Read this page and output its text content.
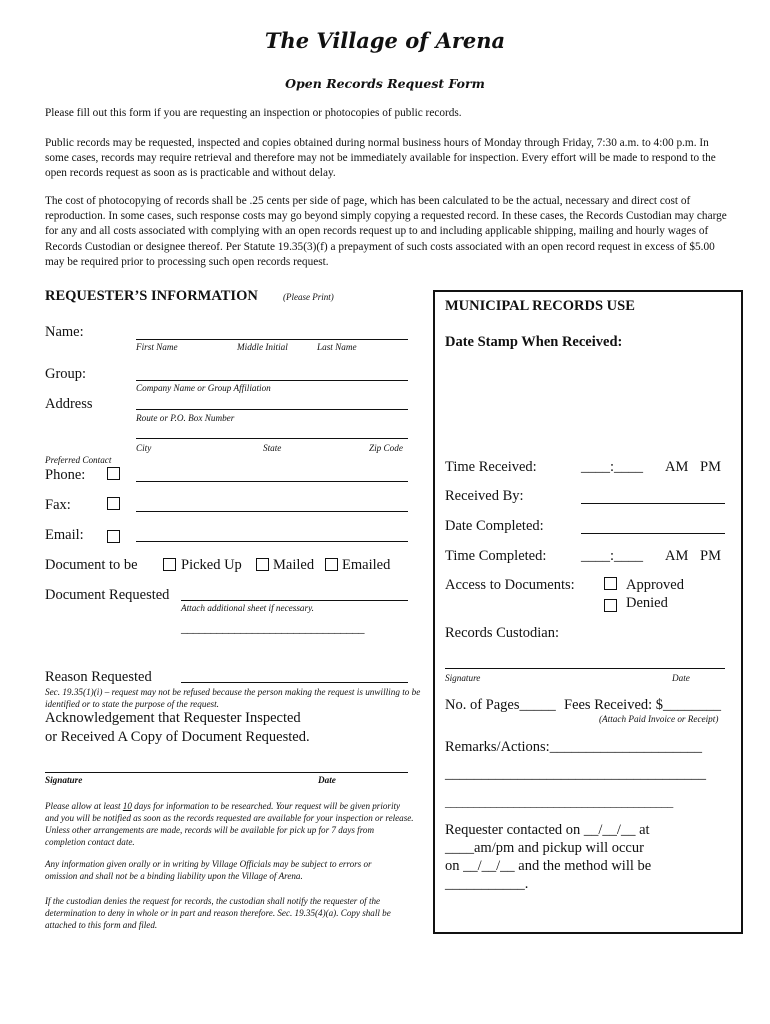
The Village of Arena
Open Records Request Form
Please fill out this form if you are requesting an inspection or photocopies of public records.
Public records may be requested, inspected and copies obtained during normal business hours of Monday through Friday, 7:30 a.m. to 4:00 p.m. In some cases, records may require retrieval and therefore may not be immediately available for inspection. Every effort will be made to respond to the open records request as soon as is practicable and without delay.
The cost of photocopying of records shall be .25 cents per side of page, which has been calculated to be the actual, necessary and direct cost of reproduction. In some cases, such response costs may go beyond simply copying a requested record. In these cases, the Records Custodian may charge for any and all costs associated with complying with an open records request up to and including applicable shipping, mailing and hourly wages of Records Custodian or designee thereof. Per Statute 19.35(3)(f) a prepayment of such costs associated with an open record request in excess of $5.00 may be required prior to processing such open records request.
REQUESTER’S INFORMATION	(Please Print)
Name:
First Name	Middle Initial	Last Name
Group:
Company Name or Group Affiliation
Address
Route or P.O. Box Number
City	State	Zip Code
Preferred Contact
Phone:
Fax:
Email:
Document to be	Picked Up Mailed Emailed
Document Requested
Attach additional sheet if necessary.
_______________________________
Reason Requested
Sec. 19.35(1)(i) – request may not be refused because the person making the request is unwilling to be identified or to state the purpose of the request.
Acknowledgement that Requester Inspected
or Received A Copy of Document Requested.
Signature	Date
Please allow at least 10 days for information to be researched. Your request will be given priority and you will be notified as soon as the records requested are available for your inspection or release. Unless other arrangements are made, records will be available for pick up for 7 days from completion contact date.
Any information given orally or in writing by Village Officials may be subject to errors or omission and shall not be a binding liability upon the Village of Arena.
If the custodian denies the request for records, the custodian shall notify the requester of the determination to deny in whole or in part and reason therefore. Sec. 19.35(4)(a). Copy shall be attached to this form and filed.
MUNICIPAL RECORDS USE
Date Stamp When Received:
Time Received:	____:____ AM PM
Received By:
Date Completed:
Time Completed: ____:____ AM PM
Access to Documents:	Approved
Denied
Records Custodian:
Signature	Date
No. of Pages_____ Fees Received: $________
(Attach Paid Invoice or Receipt)
Remarks/Actions:_____________________
____________________________________
________________________________________
Requester contacted on __/__/__ at
____am/pm and pickup will occur
on __/__/__ and the method will be
___________.
